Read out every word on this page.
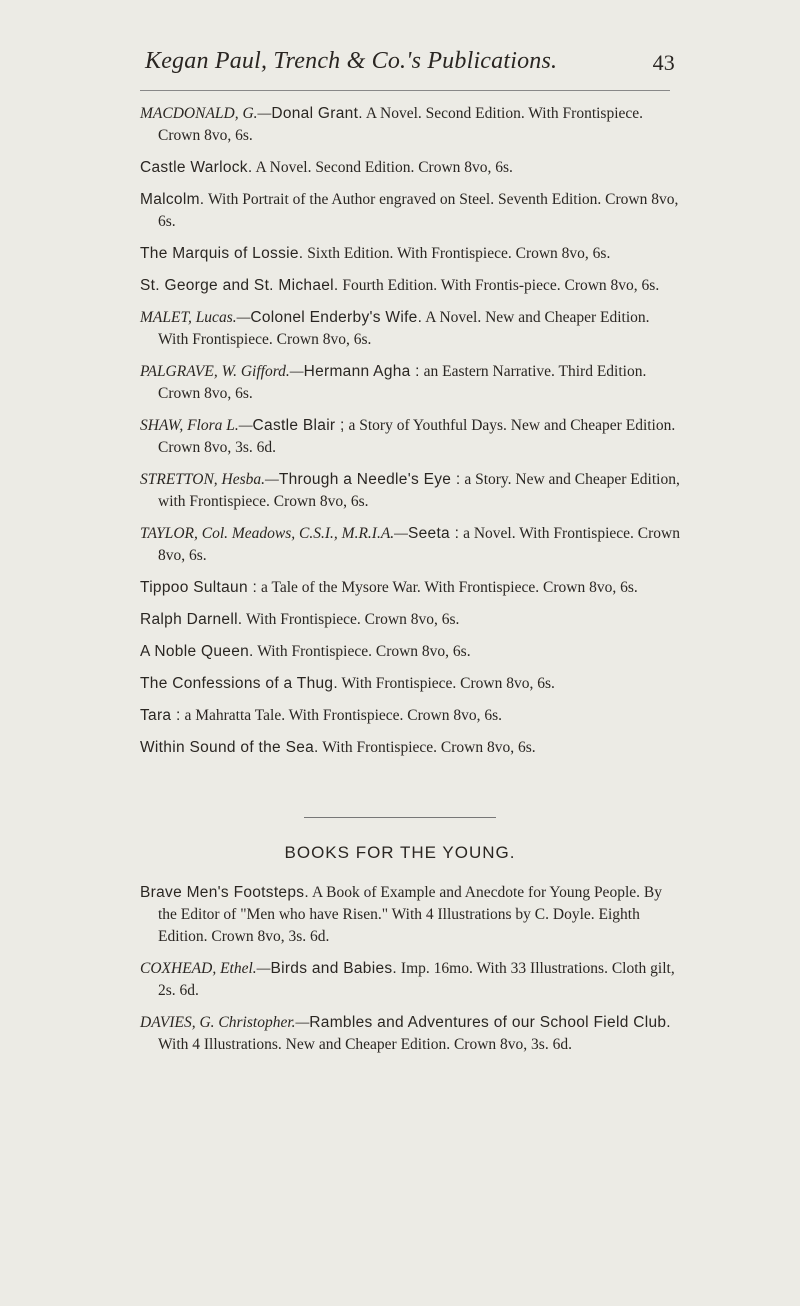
Kegan Paul, Trench & Co.'s Publications.	43
MACDONALD, G.—Donal Grant. A Novel. Second Edition. With Frontispiece. Crown 8vo, 6s.
Castle Warlock. A Novel. Second Edition. Crown 8vo, 6s.
Malcolm. With Portrait of the Author engraved on Steel. Seventh Edition. Crown 8vo, 6s.
The Marquis of Lossie. Sixth Edition. With Frontispiece. Crown 8vo, 6s.
St. George and St. Michael. Fourth Edition. With Frontis-piece. Crown 8vo, 6s.
MALET, Lucas.—Colonel Enderby's Wife. A Novel. New and Cheaper Edition. With Frontispiece. Crown 8vo, 6s.
PALGRAVE, W. Gifford.—Hermann Agha : an Eastern Narrative. Third Edition. Crown 8vo, 6s.
SHAW, Flora L.—Castle Blair ; a Story of Youthful Days. New and Cheaper Edition. Crown 8vo, 3s. 6d.
STRETTON, Hesba.—Through a Needle's Eye : a Story. New and Cheaper Edition, with Frontispiece. Crown 8vo, 6s.
TAYLOR, Col. Meadows, C.S.I., M.R.I.A.—Seeta : a Novel. With Frontispiece. Crown 8vo, 6s.
Tippoo Sultaun : a Tale of the Mysore War. With Frontispiece. Crown 8vo, 6s.
Ralph Darnell. With Frontispiece. Crown 8vo, 6s.
A Noble Queen. With Frontispiece. Crown 8vo, 6s.
The Confessions of a Thug. With Frontispiece. Crown 8vo, 6s.
Tara : a Mahratta Tale. With Frontispiece. Crown 8vo, 6s.
Within Sound of the Sea. With Frontispiece. Crown 8vo, 6s.
BOOKS FOR THE YOUNG.
Brave Men's Footsteps. A Book of Example and Anecdote for Young People. By the Editor of "Men who have Risen." With 4 Illustrations by C. Doyle. Eighth Edition. Crown 8vo, 3s. 6d.
COXHEAD, Ethel.—Birds and Babies. Imp. 16mo. With 33 Illustrations. Cloth gilt, 2s. 6d.
DAVIES, G. Christopher.—Rambles and Adventures of our School Field Club. With 4 Illustrations. New and Cheaper Edition. Crown 8vo, 3s. 6d.
